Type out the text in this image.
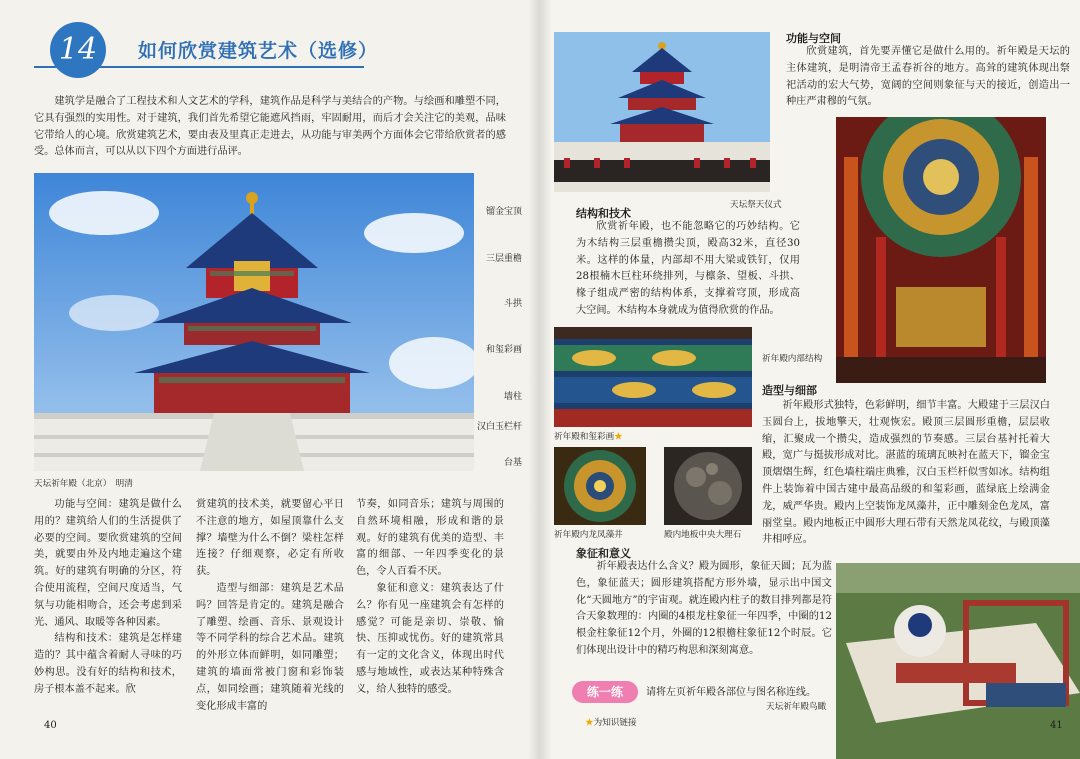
14	如何欣赏建筑艺术（选修）

建筑学是融合了工程技术和人文艺术的学科，建筑作品是科学与美结合的产物。与绘画和雕塑不同，它具有强烈的实用性。对于建筑，我们首先希望它能遮风挡雨，牢固耐用，而后才会关注它的美观，品味它带给人的心境。欣赏建筑艺术，要由表及里真正走进去，从功能与审美两个方面体会它带给欣赏者的感受。总体而言，可以从以下四个方面进行品评。

天坛祈年殿（北京）　明清
镏金宝顶
三层重檐
斗拱
和玺彩画
墙柱
汉白玉栏杆
台基

功能与空间：建筑是做什么用的？建筑给人们的生活提供了必要的空间。要欣赏建筑的空间美，就要由外及内地走遍这个建筑。好的建筑有明确的分区，符合使用流程，空间尺度适当，气氛与功能相吻合，还会考虑到采光、通风、取暖等各种因素。

结构和技术：建筑是怎样建造的？其中蕴含着耐人寻味的巧妙构思。没有好的结构和技术，房子根本盖不起来。欣

赏建筑的技术美，就要留心平日不注意的地方，如屋顶靠什么支撑？墙壁为什么不倒？梁柱怎样连接？仔细观察，必定有所收获。

造型与细部：建筑是艺术品吗？回答是肯定的。建筑是融合了雕塑、绘画、音乐、景观设计等不同学科的综合艺术品。建筑的外形立体而鲜明，如同雕塑；建筑的墙面常被门窗和彩饰装点，如同绘画；建筑随着光线的变化形成丰富的

节奏，如同音乐；建筑与周围的自然环境相融，形成和谐的景观。好的建筑有优美的造型、丰富的细部、一年四季变化的景色，令人百看不厌。

象征和意义：建筑表达了什么？你有见一座建筑会有怎样的感觉？可能是亲切、崇敬、愉快、压抑或忧伤。好的建筑常具有一定的文化含义，体现出时代感与地域性，或表达某种特殊含义，给人独特的感受。

40
天坛祭天仪式
功能与空间

欣赏建筑，首先要弄懂它是做什么用的。祈年殿是天坛的主体建筑，是明清帝王孟春祈谷的地方。高耸的建筑体现出祭祀活动的宏大气势，宽阔的空间则象征与天的接近，创造出一种庄严肃穆的气氛。

结构和技术

欣赏祈年殿，也不能忽略它的巧妙结构。它为木结构三层重檐攒尖顶，殿高32米，直径30米。这样的体量，内部却不用大梁或铁钉，仅用28根楠木巨柱环绕排列，与檩条、望板、斗拱、椽子组成严密的结构体系，支撑着穹顶，形成高大空间。木结构本身就成为值得欣赏的作品。

祈年殿内部结构
祈年殿和玺彩画★
祈年殿内龙凤藻井	殿内地板中央大理石
造型与细部

祈年殿形式独特，色彩鲜明，细节丰富。大殿建于三层汉白玉圆台上，拔地擎天，壮观恢宏。殿顶三层圆形重檐，层层收缩，汇聚成一个攒尖，造成强烈的节奏感。三层台基衬托着大殿，宽广与挺拔形成对比。湛蓝的琉璃瓦映衬在蓝天下，镏金宝顶熠熠生辉，红色墙柱端庄典雅，汉白玉栏杆似雪如冰。结构组件上装饰着中国古建中最高品级的和玺彩画，蓝绿底上绘满金龙，威严华贵。殿内上空装饰龙凤藻井，正中雕刻金色龙凤，富丽堂皇。殿内地板正中圆形大理石带有天然龙凤花纹，与殿顶藻井相呼应。

象征和意义

祈年殿表达什么含义？殿为圆形，象征天圆；瓦为蓝色，象征蓝天；圆形建筑搭配方形外墙，显示出中国文化“天圆地方”的宇宙观。就连殿内柱子的数目排列都是符合天象数理的：内圈的4根龙柱象征一年四季，中圈的12根金柱象征12个月，外圈的12根檐柱象征12个时辰。它们体现出设计中的精巧构思和深刻寓意。

天坛祈年殿鸟瞰
练一练	请将左页祈年殿各部位与图名称连线。
★为知识链接	41
